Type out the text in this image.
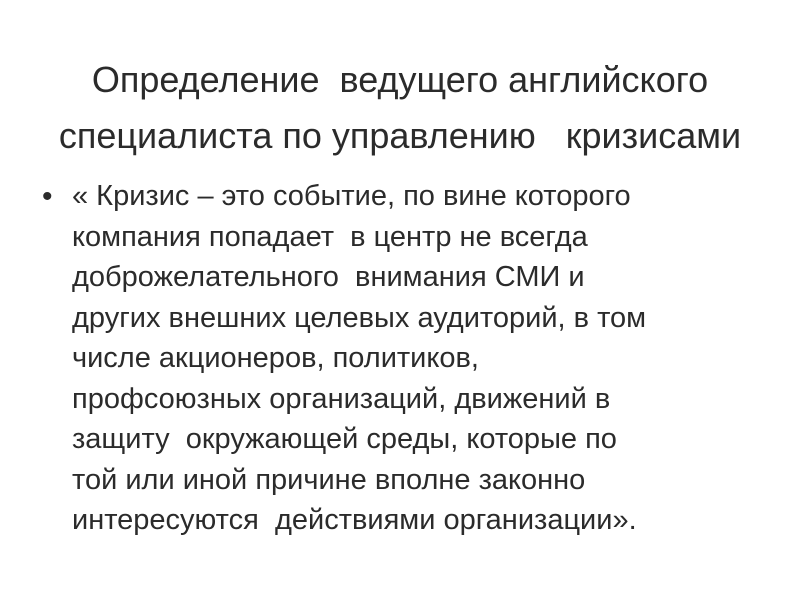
Определение  ведущего английского
специалиста по управлению   кризисами
• « Кризис – это событие, по вине которого
компания попадает  в центр не всегда
доброжелательного  внимания СМИ и
других внешних целевых аудиторий, в том
числе акционеров, политиков,
профсоюзных организаций, движений в
защиту  окружающей среды, которые по
той или иной причине вполне законно
интересуются  действиями организации».
